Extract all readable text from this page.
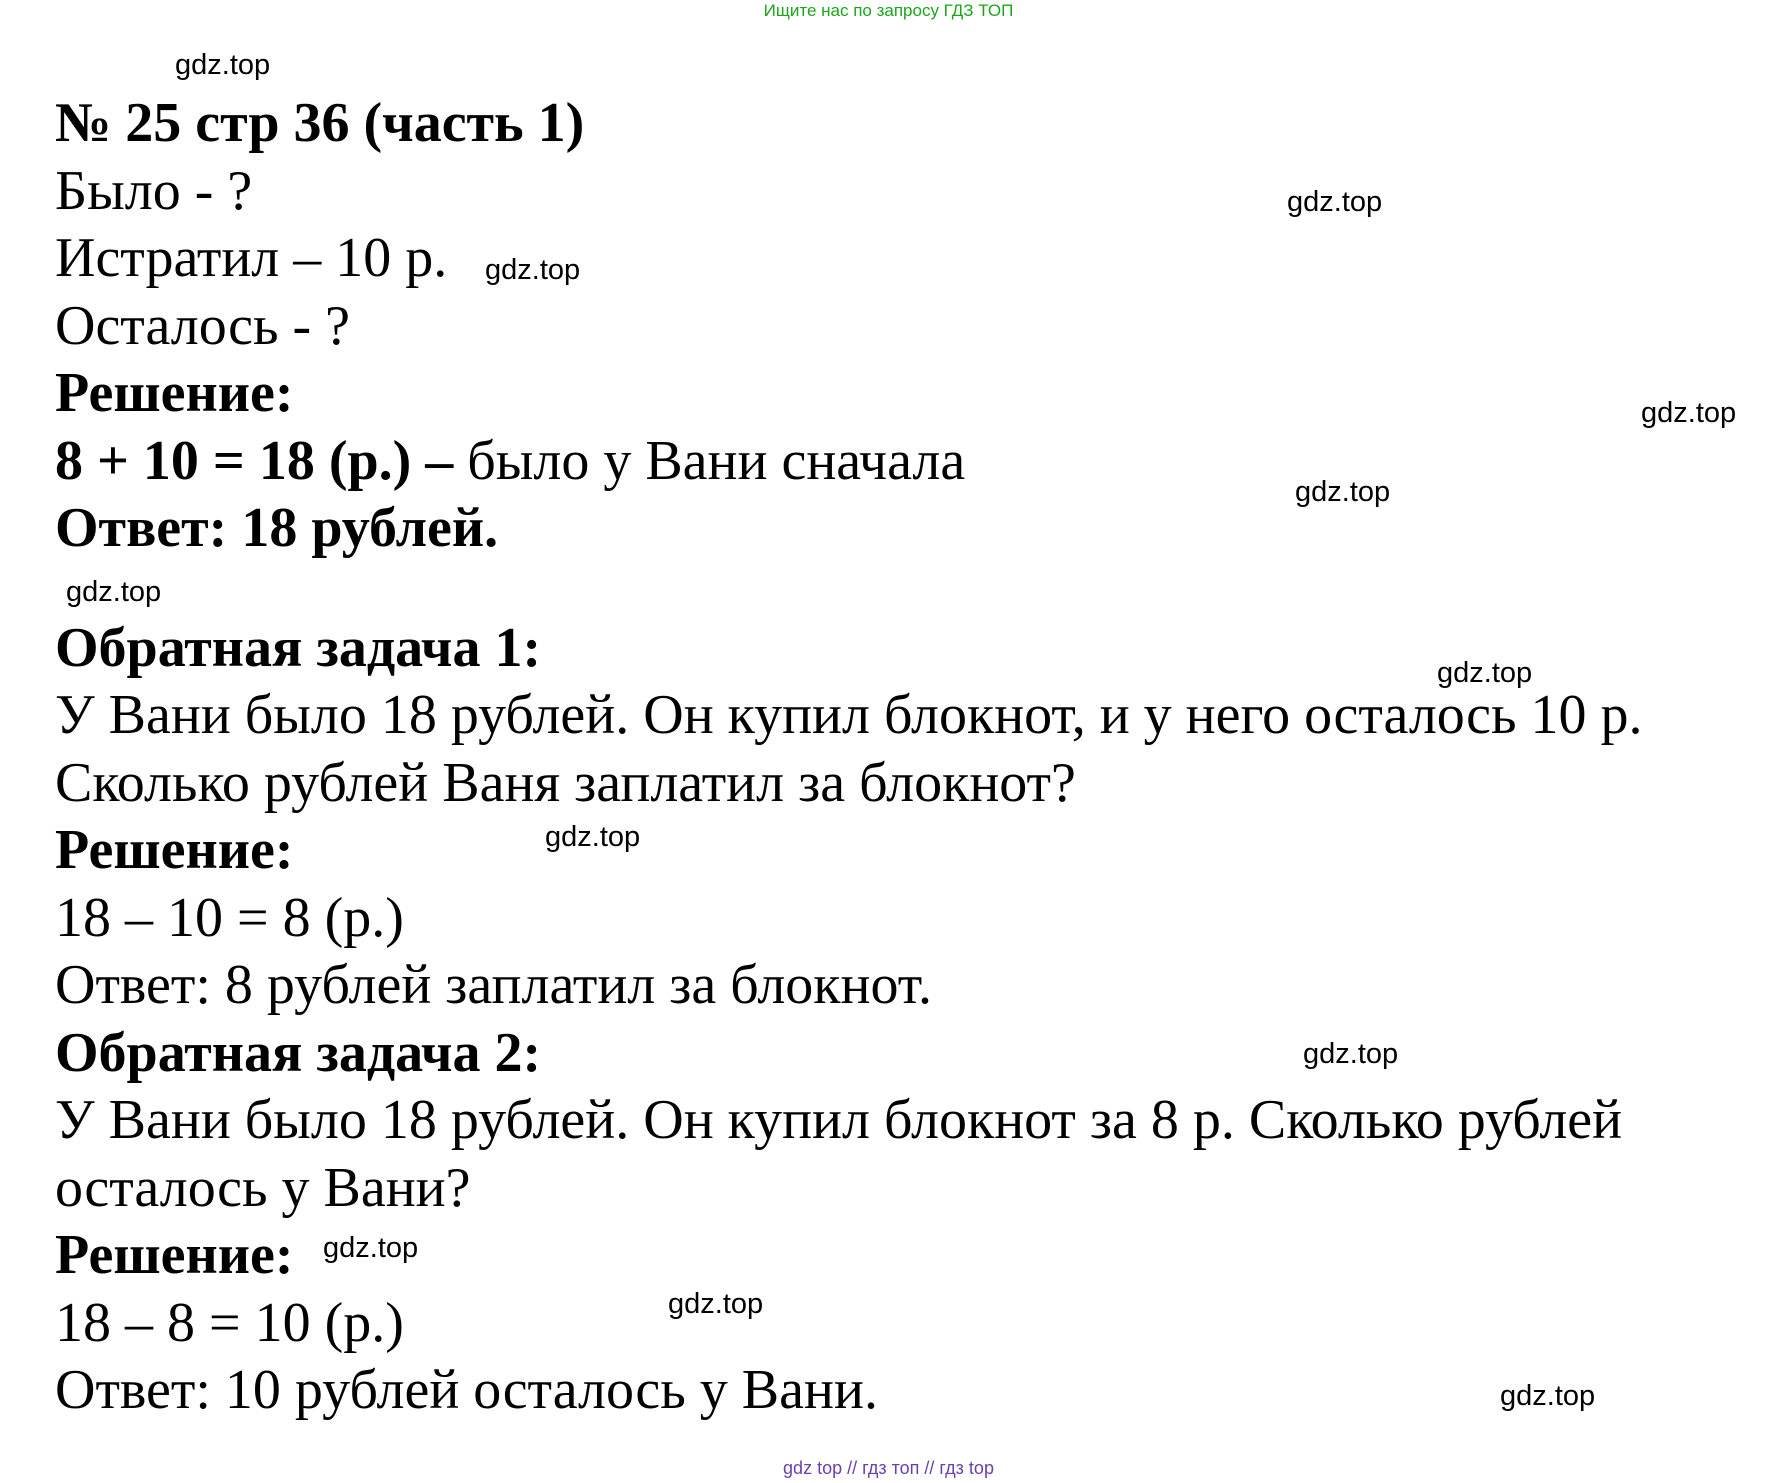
Ищите нас по запросу ГДЗ ТОП

№ 25 стр 36 (часть 1)

Было - ?

Истратил – 10 р.

Осталось - ?

Решение:

8 + 10 = 18 (р.) – было у Вани сначала

Ответ: 18 рублей.

Обратная задача 1:

У Вани было 18 рублей. Он купил блокнот, и у него осталось 10 р.

Сколько рублей Ваня заплатил за блокнот?

Решение:

18 – 10 = 8 (р.)

Ответ: 8 рублей заплатил за блокнот.

Обратная задача 2:

У Вани было 18 рублей. Он купил блокнот за 8 р. Сколько рублей

осталось у Вани?

Решение:

18 – 8 = 10 (р.)

Ответ: 10 рублей осталось у Вани.

gdz.top
gdz.top
gdz.top
gdz.top
gdz.top
gdz.top
gdz.top
gdz.top
gdz.top
gdz.top
gdz.top
gdz.top
gdz top // гдз топ // гдз top
